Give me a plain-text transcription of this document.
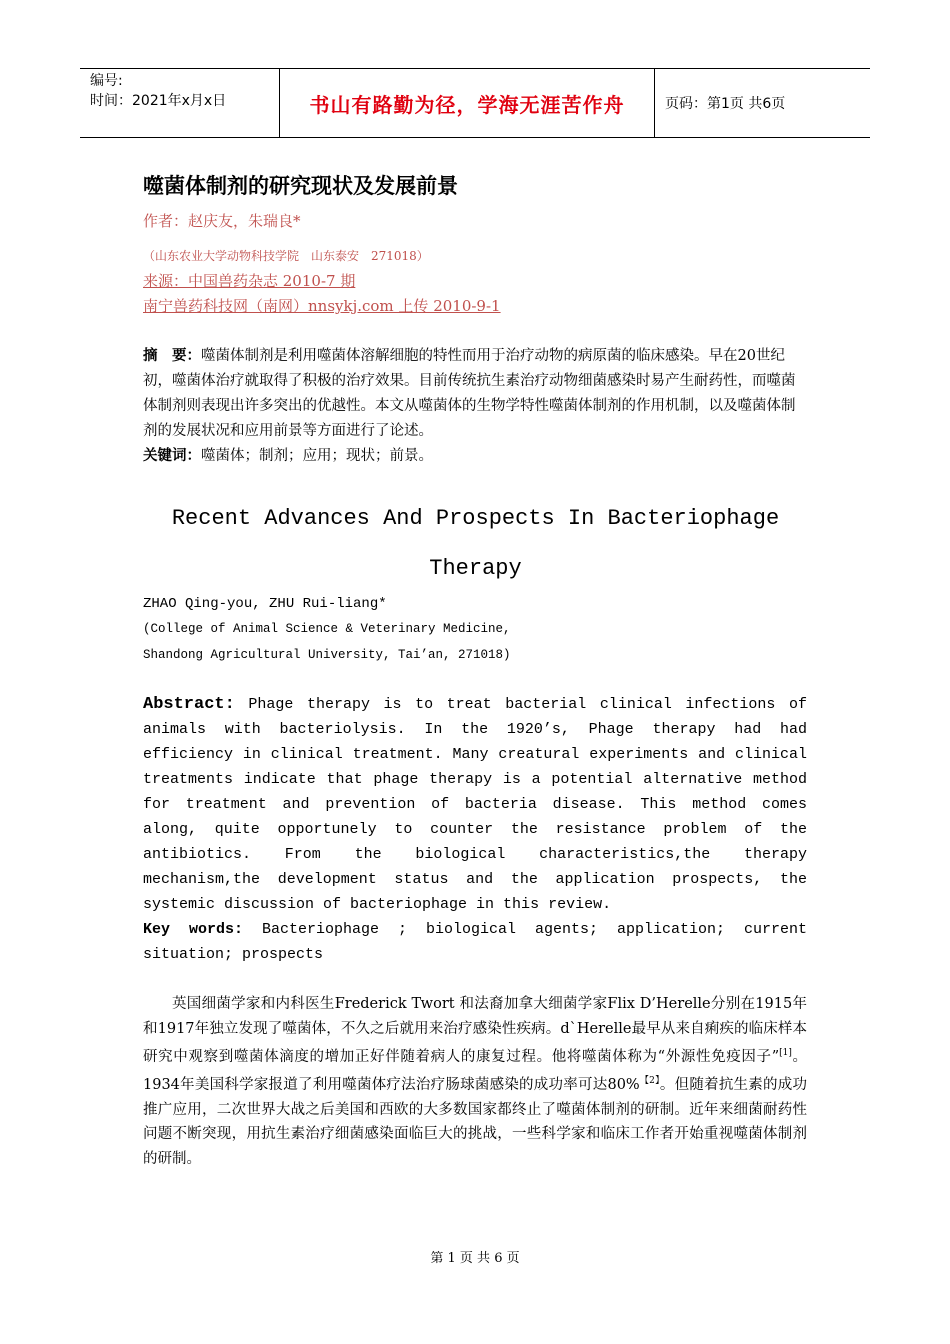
编号:
时间：2021年x月x日	书山有路勤为径，学海无涯苦作舟	页码：第1页 共6页
噬菌体制剂的研究现状及发展前景
作者：赵庆友，朱瑞良*
（山东农业大学动物科技学院　山东泰安　271018）
来源：中国兽药杂志 2010-7 期
南宁兽药科技网（南网）nnsykj.com 上传 2010-9-1
摘　要：噬菌体制剂是利用噬菌体溶解细胞的特性而用于治疗动物的病原菌的临床感染。早在20世纪初，噬菌体治疗就取得了积极的治疗效果。目前传统抗生素治疗动物细菌感染时易产生耐药性，而噬菌体制剂则表现出许多突出的优越性。本文从噬菌体的生物学特性噬菌体制剂的作用机制，以及噬菌体制剂的发展状况和应用前景等方面进行了论述。
关键词：噬菌体；制剂；应用；现状；前景。
Recent Advances And Prospects In Bacteriophage
Therapy
ZHAO Qing-you, ZHU Rui-liang*
(College of Animal Science & Veterinary Medicine,
Shandong Agricultural University, Tai’an, 271018)
Abstract: Phage therapy is to treat bacterial clinical infections of animals with bacteriolysis. In the 1920’s, Phage therapy had had efficiency in clinical treatment. Many creatural experiments and clinical treatments indicate that phage therapy is a potential alternative method for treatment and prevention of bacteria disease. This method comes along, quite opportunely to counter the resistance problem of the antibiotics. From the biological characteristics,the therapy mechanism,the development status and the application prospects, the systemic discussion of bacteriophage in this review.
Key words: Bacteriophage ; biological agents; application; current situation; prospects
英国细菌学家和内科医生Frederick Twort 和法裔加拿大细菌学家Flix D’Herelle分别在1915年和1917年独立发现了噬菌体，不久之后就用来治疗感染性疾病。d`Herelle最早从来自痢疾的临床样本研究中观察到噬菌体滴度的增加正好伴随着病人的康复过程。他将噬菌体称为“外源性免疫因子”[1]。1934年美国科学家报道了利用噬菌体疗法治疗肠球菌感染的成功率可达80%$^{【2】}$。但随着抗生素的成功推广应用，二次世界大战之后美国和西欧的大多数国家都终止了噬菌体制剂的研制。近年来细菌耐药性问题不断突现，用抗生素治疗细菌感染面临巨大的挑战，一些科学家和临床工作者开始重视噬菌体制剂的研制。
第 1 页 共 6 页
